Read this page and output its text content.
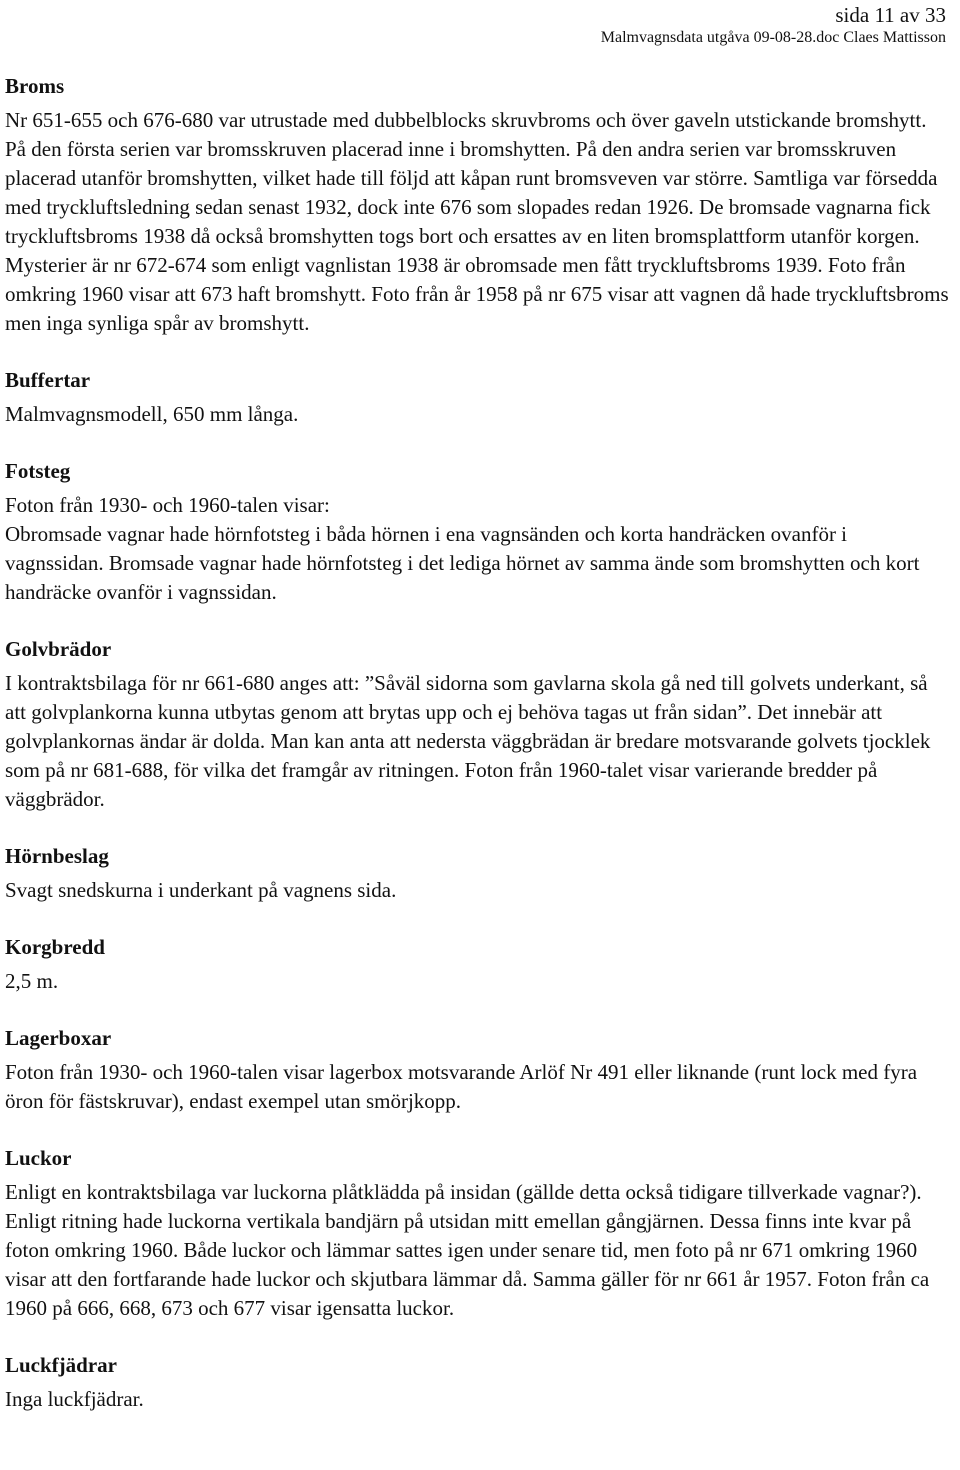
sida 11 av 33
Malmvagnsdata utgåva 09-08-28.doc Claes Mattisson
Broms

Nr 651-655 och 676-680 var utrustade med dubbelblocks skruvbroms och över gaveln utstickande bromshytt. På den första serien var bromsskruven placerad inne i bromshytten. På den andra serien var bromsskruven placerad utanför bromshytten, vilket hade till följd att kåpan runt bromsveven var större. Samtliga var försedda med tryckluftsledning sedan senast 1932, dock inte 676 som slopades redan 1926. De bromsade vagnarna fick tryckluftsbroms 1938 då också bromshytten togs bort och ersattes av en liten bromsplattform utanför korgen. Mysterier är nr 672-674 som enligt vagnlistan 1938 är obromsade men fått tryckluftsbroms 1939. Foto från omkring 1960 visar att 673 haft bromshytt. Foto från år 1958 på nr 675 visar att vagnen då hade tryckluftsbroms men inga synliga spår av bromshytt.

Buffertar

Malmvagnsmodell, 650 mm långa.

Fotsteg

Foton från 1930- och 1960-talen visar:

Obromsade vagnar hade hörnfotsteg i båda hörnen i ena vagnsänden och korta handräcken ovanför i vagnssidan. Bromsade vagnar hade hörnfotsteg i det lediga hörnet av samma ände som bromshytten och kort handräcke ovanför i vagnssidan.

Golvbrädor

I kontraktsbilaga för nr 661-680 anges att: ”Såväl sidorna som gavlarna skola gå ned till golvets underkant, så att golvplankorna kunna utbytas genom att brytas upp och ej behöva tagas ut från sidan”. Det innebär att golvplankornas ändar är dolda. Man kan anta att nedersta väggbrädan är bredare motsvarande golvets tjocklek som på nr 681-688, för vilka det framgår av ritningen. Foton från 1960-talet visar varierande bredder på väggbrädor.

Hörnbeslag

Svagt snedskurna i underkant på vagnens sida.

Korgbredd

2,5 m.

Lagerboxar

Foton från 1930- och 1960-talen visar lagerbox motsvarande Arlöf Nr 491 eller liknande (runt lock med fyra öron för fästskruvar), endast exempel utan smörjkopp.

Luckor

Enligt en kontraktsbilaga var luckorna plåtklädda på insidan (gällde detta också tidigare tillverkade vagnar?). Enligt ritning hade luckorna vertikala bandjärn på utsidan mitt emellan gångjärnen. Dessa finns inte kvar på foton omkring 1960. Både luckor och lämmar sattes igen under senare tid, men foto på nr 671 omkring 1960 visar att den fortfarande hade luckor och skjutbara lämmar då. Samma gäller för nr 661 år 1957. Foton från ca 1960 på 666, 668, 673 och 677 visar igensatta luckor.

Luckfjädrar

Inga luckfjädrar.
